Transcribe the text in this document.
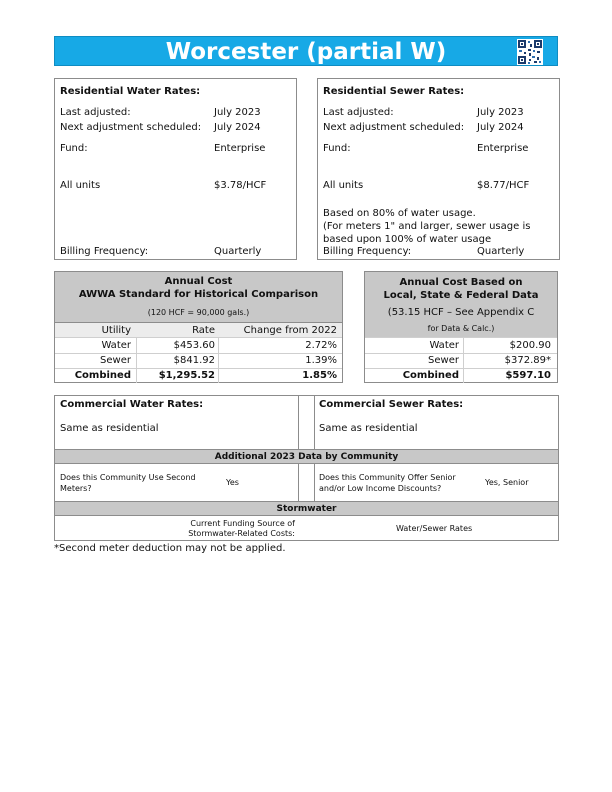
Worcester (partial W)
Residential Water Rates:
Last adjusted:	July 2023
Next adjustment scheduled: July 2024
Fund:	Enterprise
All units	$3.78/HCF
Billing Frequency:	Quarterly
Residential Sewer Rates:
Last adjusted:	July 2023
Next adjustment scheduled: July 2024
Fund:	Enterprise
All units	$8.77/HCF
Based on 80% of water usage.
(For meters 1" and larger, sewer usage is
based upon 100% of water usage
Billing Frequency:	Quarterly
Annual Cost
AWWA Standard for Historical Comparison
(120 HCF = 90,000 gals.)
Utility	Rate	Change from 2022
Water	$453.60	2.72%
Sewer	$841.92	1.39%
Combined	$1,295.52	1.85%
Annual Cost Based on
Local, State & Federal Data
(53.15 HCF – See Appendix C
for Data & Calc.)
Water	$200.90
Sewer	$372.89*
Combined	$597.10
Commercial Water Rates:
Same as residential
Commercial Sewer Rates:
Same as residential
Additional 2023 Data by Community
Does this Community Use Second
Meters?
Yes
Does this Community Offer Senior
and/or Low Income Discounts?
Yes, Senior
Stormwater
Current Funding Source of
Stormwater-Related Costs:
Water/Sewer Rates
*Second meter deduction may not be applied.
